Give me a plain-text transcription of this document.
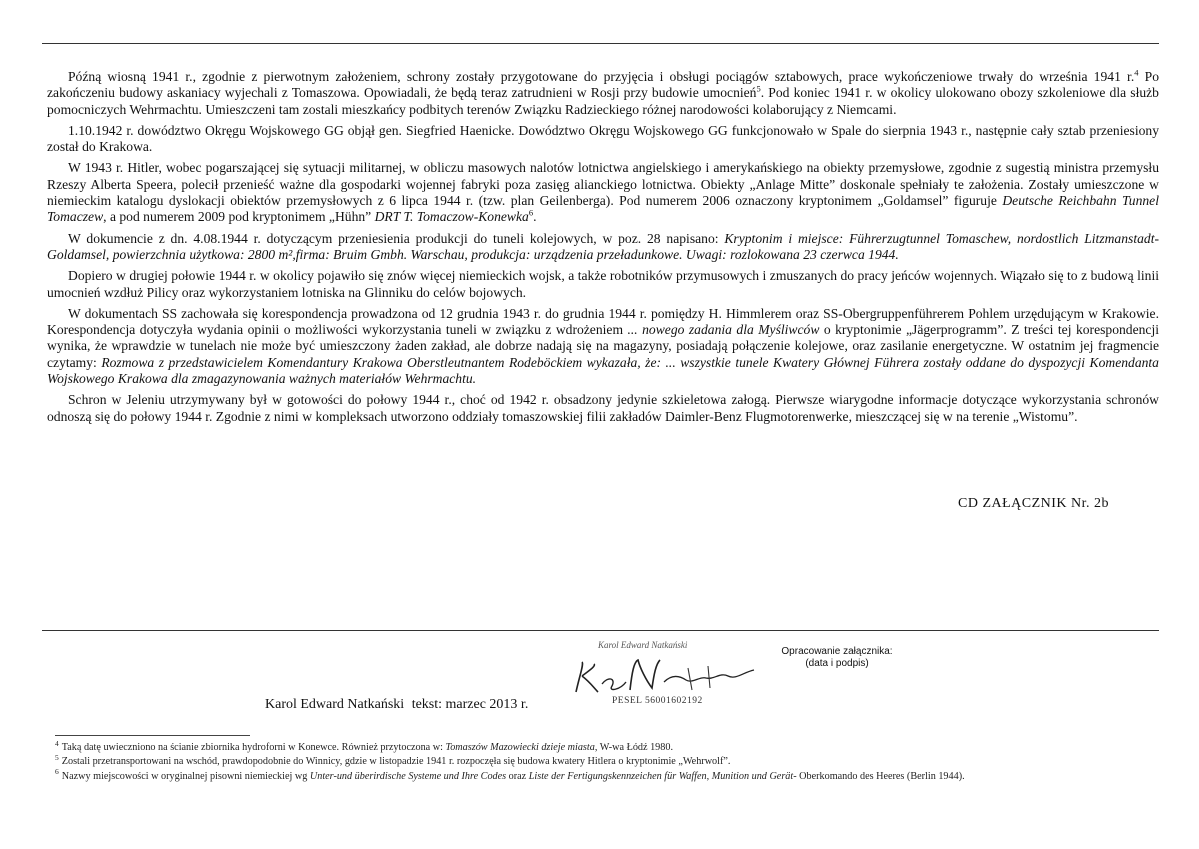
Późną wiosną 1941 r., zgodnie z pierwotnym założeniem, schrony zostały przygotowane do przyjęcia i obsługi pociągów sztabowych, prace wykończeniowe trwały do września 1941 r.$^4$ Po zakończeniu budowy askaniacy wyjechali z Tomaszowa. Opowiadali, że będą teraz zatrudnieni w Rosji przy budowie umocnień$^5$. Pod koniec 1941 r. w okolicy ulokowano obozy szkoleniowe dla służb pomocniczych Wehrmachtu. Umieszczeni tam zostali mieszkańcy podbitych terenów Związku Radzieckiego różnej narodowości kolaborujący z Niemcami.

1.10.1942 r. dowództwo Okręgu Wojskowego GG objął gen. Siegfried Haenicke. Dowództwo Okręgu Wojskowego GG funkcjonowało w Spale do sierpnia 1943 r., następnie cały sztab przeniesiony został do Krakowa.

W 1943 r. Hitler, wobec pogarszającej się sytuacji militarnej, w obliczu masowych nalotów lotnictwa angielskiego i amerykańskiego na obiekty przemysłowe, zgodnie z sugestią ministra przemysłu Rzeszy Alberta Speera, polecił przenieść ważne dla gospodarki wojennej fabryki poza zasięg alianckiego lotnictwa. Obiekty „Anlage Mitte” doskonale spełniały te założenia. Zostały umieszczone w niemieckim katalogu dyslokacji obiektów przemysłowych z 6 lipca 1944 r. (tzw. plan Geilenberga). Pod numerem 2006 oznaczony kryptonimem „Goldamsel” figuruje Deutsche Reichbahn Tunnel Tomaczew, a pod numerem 2009 pod kryptonimem „Hühn” DRT T. Tomaczow-Konewka$^6$.

W dokumencie z dn. 4.08.1944 r. dotyczącym przeniesienia produkcji do tuneli kolejowych, w poz. 28 napisano: Kryptonim i miejsce: Führerzugtunnel Tomaschew, nordostlich Litzmanstadt-Goldamsel, powierzchnia użytkowa: 2800 m²,firma: Bruim Gmbh. Warschau, produkcja: urządzenia przeładunkowe. Uwagi: rozlokowana 23 czerwca 1944.

Dopiero w drugiej połowie 1944 r. w okolicy pojawiło się znów więcej niemieckich wojsk, a także robotników przymusowych i zmuszanych do pracy jeńców wojennych. Wiązało się to z budową linii umocnień wzdłuż Pilicy oraz wykorzystaniem lotniska na Glinniku do celów bojowych.

W dokumentach SS zachowała się korespondencja prowadzona od 12 grudnia 1943 r. do grudnia 1944 r. pomiędzy H. Himmlerem oraz SS-Obergruppenführerem Pohlem urzędującym w Krakowie. Korespondencja dotyczyła wydania opinii o możliwości wykorzystania tuneli w związku z wdrożeniem ... nowego zadania dla Myśliwców o kryptonimie „Jägerprogramm”. Z treści tej korespondencji wynika, że wprawdzie w tunelach nie może być umieszczony żaden zakład, ale dobrze nadają się na magazyny, posiadają połączenie kolejowe, oraz zasilanie energetyczne. W ostatnim jej fragmencie czytamy: Rozmowa z przedstawicielem Komendantury Krakowa Oberstleutnantem Rodeböckiem wykazała, że: ... wszystkie tunele Kwatery Głównej Führera zostały oddane do dyspozycji Komendanta Wojskowego Krakowa dla zmagazynowania ważnych materiałów Wehrmachtu.

Schron w Jeleniu utrzymywany był w gotowości do połowy 1944 r., choć od 1942 r. obsadzony jedynie szkieletowa załogą. Pierwsze wiarygodne informacje dotyczące wykorzystania schronów odnoszą się do połowy 1944 r. Zgodnie z nimi w kompleksach utworzono oddziały tomaszowskiej filii zakładów Daimler-Benz Flugmotorenwerke, mieszczącej się w na terenie „Wistomu”.

CD ZAŁĄCZNIK Nr. 2b
Karol Edward Natkański
PESEL 56001602192
Opracowanie załącznika:
(data i podpis)
Karol Edward Natkański tekst: marzec 2013 r.
$^4$ Taką datę uwieczniono na ścianie zbiornika hydroforni w Konewce. Również przytoczona w: Tomaszów Mazowiecki dzieje miasta, W-wa Łódź 1980.
$^5$ Zostali przetransportowani na wschód, prawdopodobnie do Winnicy, gdzie w listopadzie 1941 r. rozpoczęła się budowa kwatery Hitlera o kryptonimie „Wehrwolf”.
$^6$ Nazwy miejscowości w oryginalnej pisowni niemieckiej wg Unter-und überirdische Systeme und Ihre Codes oraz Liste der Fertigungskennzeichen für Waffen, Munition und Gerät- Oberkomando des Heeres (Berlin 1944).
